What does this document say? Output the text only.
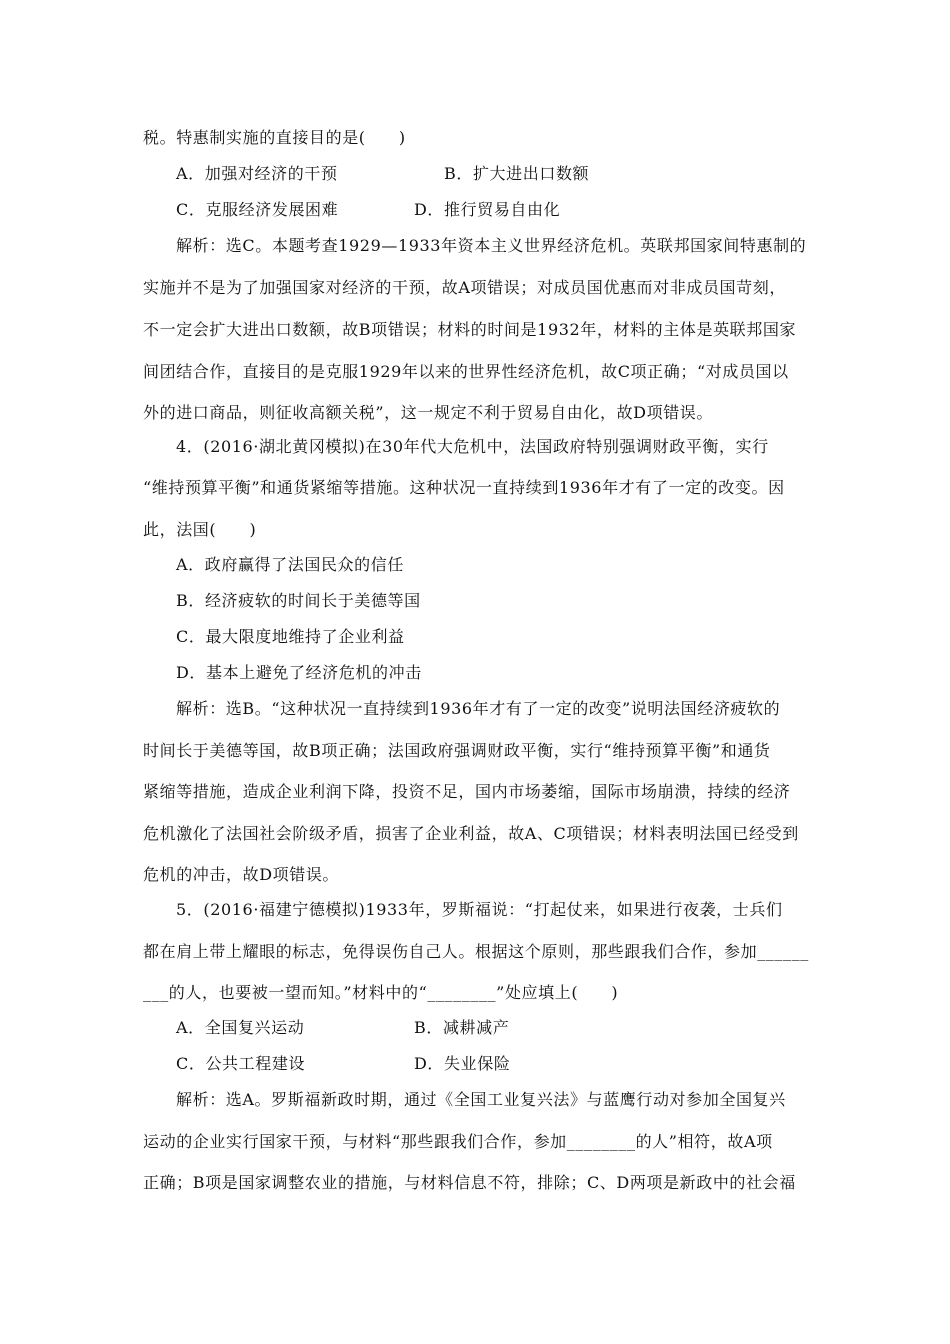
税。特惠制实施的直接目的是(　　)
A．加强对经济的干预	B．扩大进出口数额
C．克服经济发展困难	D．推行贸易自由化
解析：选C。本题考查1929—1933年资本主义世界经济危机。英联邦国家间特惠制的
实施并不是为了加强国家对经济的干预，故A项错误；对成员国优惠而对非成员国苛刻，
不一定会扩大进出口数额，故B项错误；材料的时间是1932年，材料的主体是英联邦国家
间团结合作，直接目的是克服1929年以来的世界性经济危机，故C项正确；“对成员国以
外的进口商品，则征收高额关税”，这一规定不利于贸易自由化，故D项错误。
4．(2016·湖北黄冈模拟)在30年代大危机中，法国政府特别强调财政平衡，实行
“维持预算平衡”和通货紧缩等措施。这种状况一直持续到1936年才有了一定的改变。因
此，法国(　　)
A．政府赢得了法国民众的信任
B．经济疲软的时间长于美德等国
C．最大限度地维持了企业利益
D．基本上避免了经济危机的冲击
解析：选B。“这种状况一直持续到1936年才有了一定的改变”说明法国经济疲软的
时间长于美德等国，故B项正确；法国政府强调财政平衡，实行“维持预算平衡”和通货
紧缩等措施，造成企业利润下降，投资不足，国内市场萎缩，国际市场崩溃，持续的经济
危机激化了法国社会阶级矛盾，损害了企业利益，故A、C项错误；材料表明法国已经受到
危机的冲击，故D项错误。
5．(2016·福建宁德模拟)1933年，罗斯福说：“打起仗来，如果进行夜袭，士兵们
都在肩上带上耀眼的标志，免得误伤自己人。根据这个原则，那些跟我们合作，参加______
___的人，也要被一望而知。”材料中的“________”处应填上(　　)
A．全国复兴运动	B．减耕减产
C．公共工程建设	D．失业保险
解析：选A。罗斯福新政时期，通过《全国工业复兴法》与蓝鹰行动对参加全国复兴
运动的企业实行国家干预，与材料“那些跟我们合作，参加________的人”相符，故A项
正确；B项是国家调整农业的措施，与材料信息不符，排除；C、D两项是新政中的社会福
